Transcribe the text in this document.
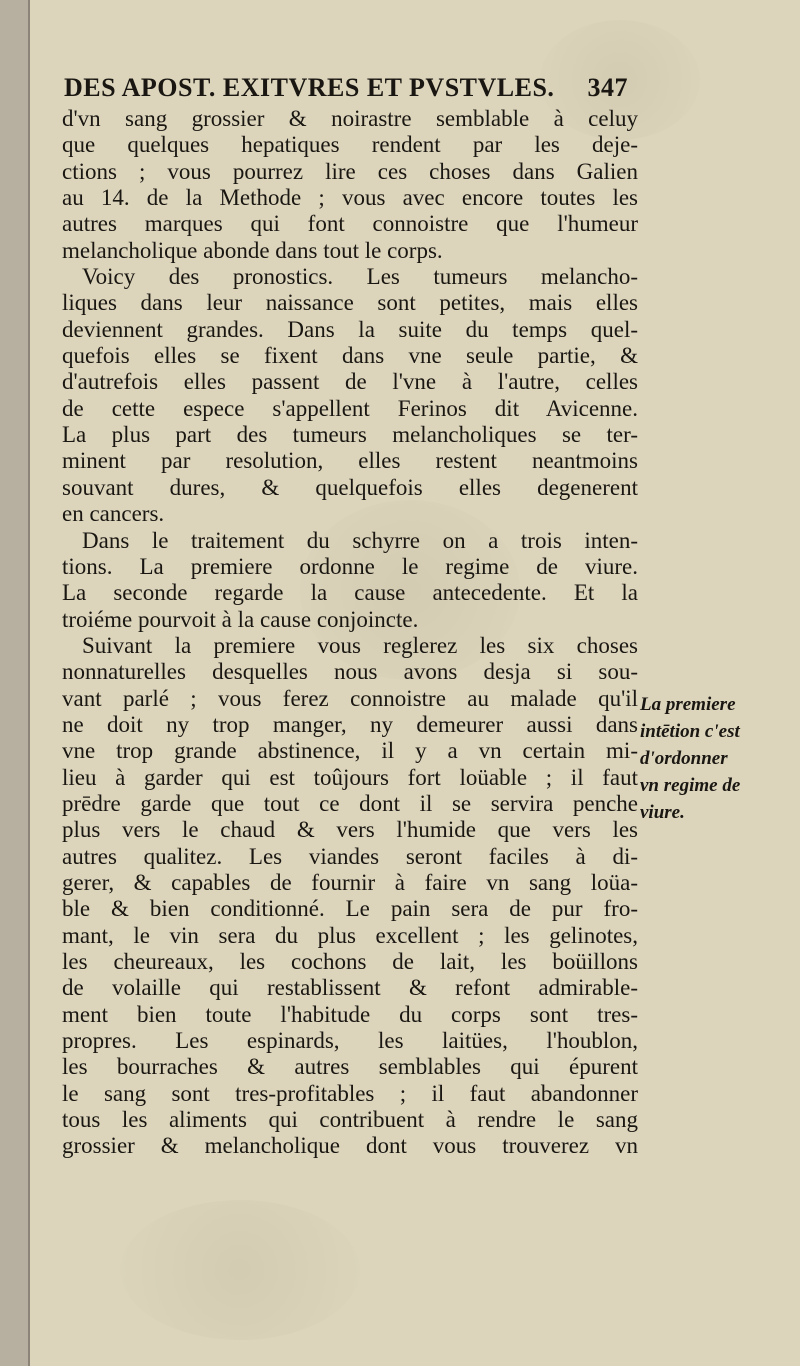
DES APOST. EXITVRES ET PVSTVLES. 347
d'vn sang grossier & noirastre semblable à celuy
que quelques hepatiques rendent par les deje-
ctions ; vous pourrez lire ces choses dans Galien
au 14. de la Methode ; vous avec encore toutes les
autres marques qui font connoistre que l'humeur
melancholique abonde dans tout le corps.
Voicy des pronostics. Les tumeurs melancho-
liques dans leur naissance sont petites, mais elles
deviennent grandes. Dans la suite du temps quel-
quefois elles se fixent dans vne seule partie, &
d'autrefois elles passent de l'vne à l'autre, celles
de cette espece s'appellent Ferinos dit Avicenne.
La plus part des tumeurs melancholiques se ter-
minent par resolution, elles restent neantmoins
souvant dures, & quelquefois elles degenerent
en cancers.
Dans le traitement du schyrre on a trois inten-
tions. La premiere ordonne le regime de viure.
La seconde regarde la cause antecedente. Et la
troiéme pourvoit à la cause conjoincte.
Suivant la premiere vous reglerez les six choses
nonnaturelles desquelles nous avons desja si sou-
vant parlé ; vous ferez connoistre au malade qu'il
ne doit ny trop manger, ny demeurer aussi dans
vne trop grande abstinence, il y a vn certain mi-
lieu à garder qui est toûjours fort loüable ; il faut
prēdre garde que tout ce dont il se servira penche
plus vers le chaud & vers l'humide que vers les
autres qualitez. Les viandes seront faciles à di-
gerer, & capables de fournir à faire vn sang loüa-
ble & bien conditionné. Le pain sera de pur fro-
mant, le vin sera du plus excellent ; les gelinotes,
les cheureaux, les cochons de lait, les boüillons
de volaille qui restablissent & refont admirable-
ment bien toute l'habitude du corps sont tres-
propres. Les espinards, les laitües, l'houblon,
les bourraches & autres semblables qui épurent
le sang sont tres-profitables ; il faut abandonner
tous les aliments qui contribuent à rendre le sang
grossier & melancholique dont vous trouverez vn
La premiere
intētion c'est
d'ordonner
vn regime de
viure.
